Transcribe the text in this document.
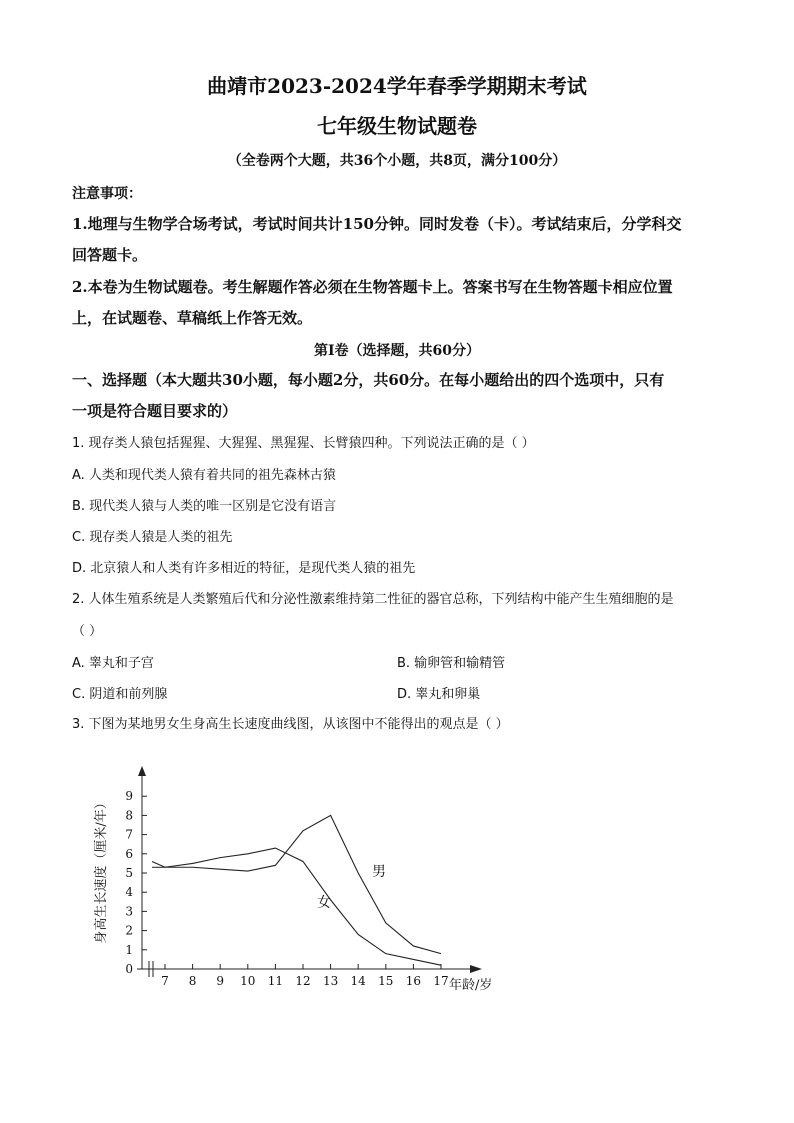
曲靖市2023-2024学年春季学期期末考试
七年级生物试题卷
（全卷两个大题，共36个小题，共8页，满分100分）
注意事项：
1.地理与生物学合场考试，考试时间共计150分钟。同时发卷（卡）。考试结束后，分学科交
回答题卡。
2.本卷为生物试题卷。考生解题作答必须在生物答题卡上。答案书写在生物答题卡相应位置
上，在试题卷、草稿纸上作答无效。
第Ⅰ卷（选择题，共60分）
一、选择题（本大题共30小题，每小题2分，共60分。在每小题给出的四个选项中，只有
一项是符合题目要求的）
1. 现存类人猿包括猩猩、大猩猩、黑猩猩、长臂猿四种。下列说法正确的是（ ）
A. 人类和现代类人猿有着共同的祖先森林古猿
B. 现代类人猿与人类的唯一区别是它没有语言
C. 现存类人猿是人类的祖先
D. 北京猿人和人类有许多相近的特征，是现代类人猿的祖先
2. 人体生殖系统是人类繁殖后代和分泌性激素维持第二性征的器官总称，下列结构中能产生生殖细胞的是
（ ）
A. 睾丸和子宫	B. 输卵管和输精管
C. 阴道和前列腺	D. 睾丸和卵巢
3. 下图为某地男女生身高生长速度曲线图，从该图中不能得出的观点是（ ）
0
1
2
3
4
5
6
7
8
9
7 8 9 10 11 12 13 14 15 16 17 年龄/岁
身高生长速度（厘米/年）	男
女
